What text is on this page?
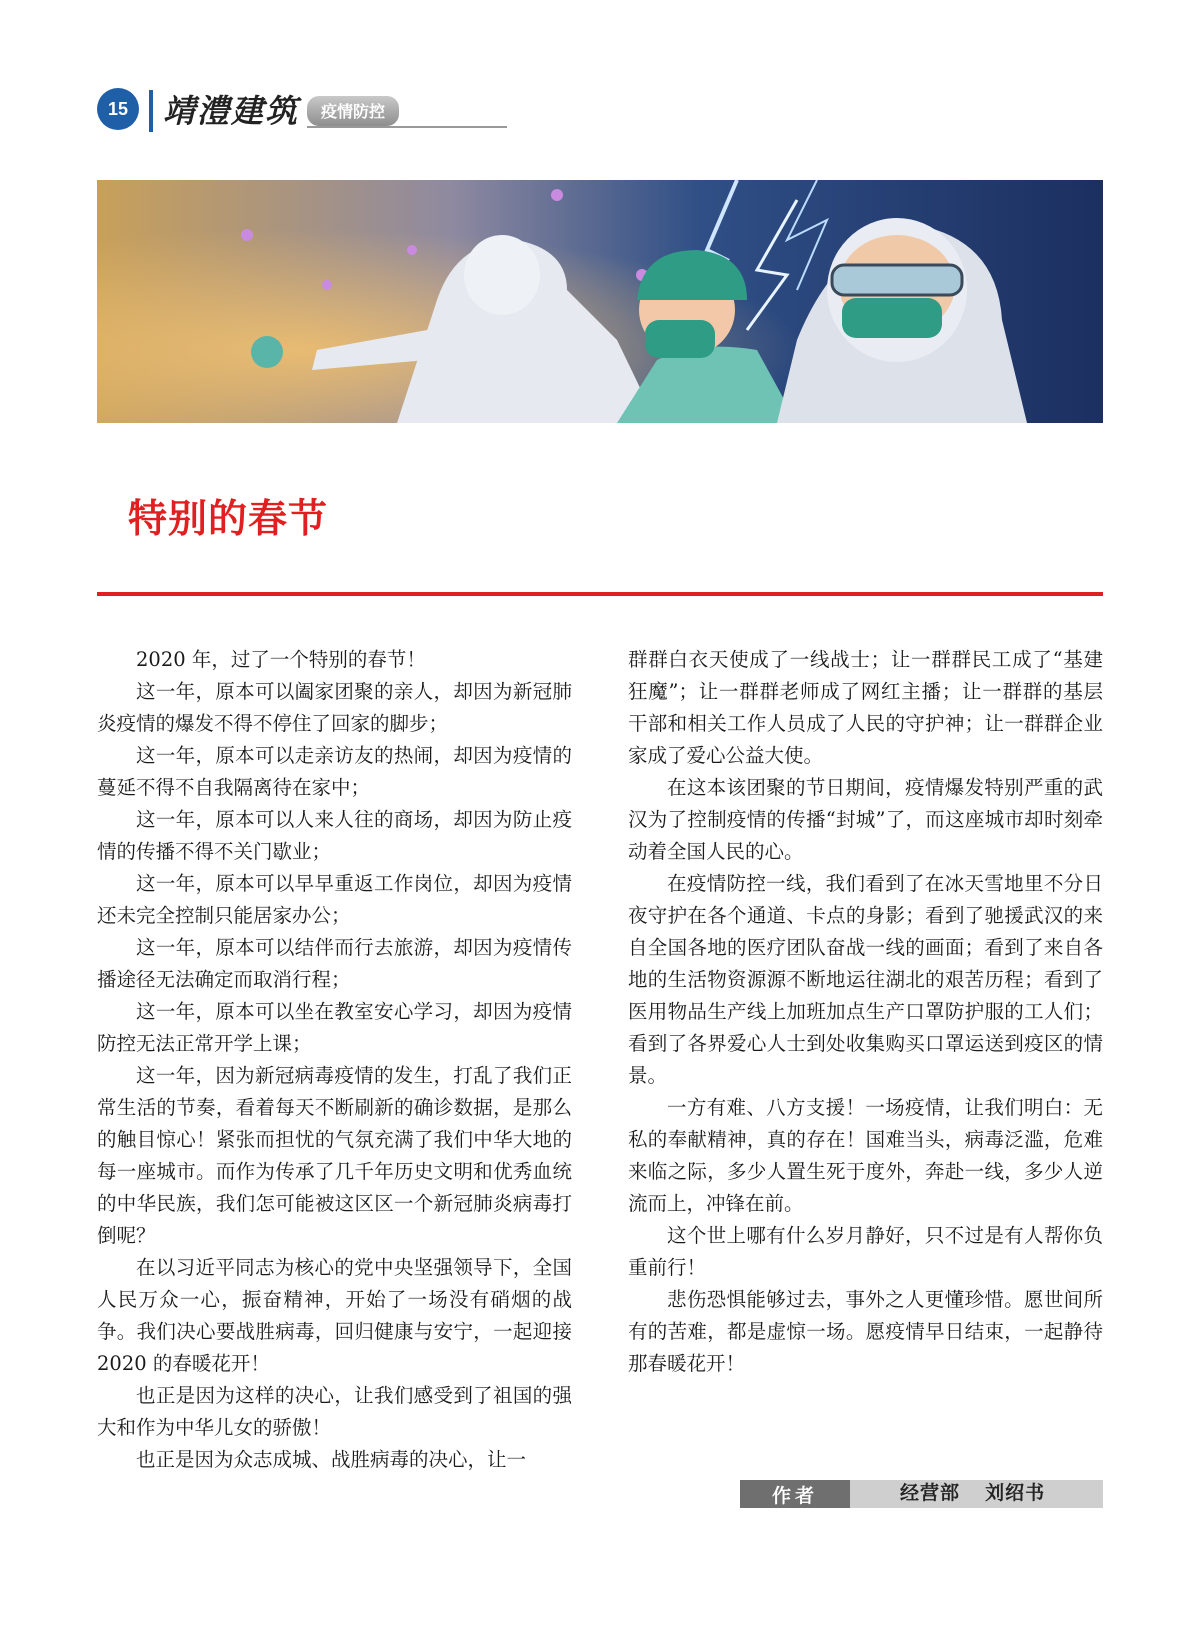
15	靖澧建筑	疫情防控
特别的春节

2020 年，过了一个特别的春节！

这一年，原本可以阖家团聚的亲人，却因为新冠肺炎疫情的爆发不得不停住了回家的脚步；

这一年，原本可以走亲访友的热闹，却因为疫情的蔓延不得不自我隔离待在家中；

这一年，原本可以人来人往的商场，却因为防止疫情的传播不得不关门歇业；

这一年，原本可以早早重返工作岗位，却因为疫情还未完全控制只能居家办公；

这一年，原本可以结伴而行去旅游，却因为疫情传播途径无法确定而取消行程；

这一年，原本可以坐在教室安心学习，却因为疫情防控无法正常开学上课；

这一年，因为新冠病毒疫情的发生，打乱了我们正常生活的节奏，看着每天不断刷新的确诊数据，是那么的触目惊心！紧张而担忧的气氛充满了我们中华大地的每一座城市。而作为传承了几千年历史文明和优秀血统的中华民族，我们怎可能被这区区一个新冠肺炎病毒打倒呢？

在以习近平同志为核心的党中央坚强领导下，全国人民万众一心，振奋精神，开始了一场没有硝烟的战争。我们决心要战胜病毒，回归健康与安宁，一起迎接 2020 的春暖花开！

也正是因为这样的决心，让我们感受到了祖国的强大和作为中华儿女的骄傲！

也正是因为众志成城、战胜病毒的决心，让一

群群白衣天使成了一线战士；让一群群民工成了“基建狂魔”；让一群群老师成了网红主播；让一群群的基层干部和相关工作人员成了人民的守护神；让一群群企业家成了爱心公益大使。

在这本该团聚的节日期间，疫情爆发特别严重的武汉为了控制疫情的传播“封城”了，而这座城市却时刻牵动着全国人民的心。

在疫情防控一线，我们看到了在冰天雪地里不分日夜守护在各个通道、卡点的身影；看到了驰援武汉的来自全国各地的医疗团队奋战一线的画面；看到了来自各地的生活物资源源不断地运往湖北的艰苦历程；看到了医用物品生产线上加班加点生产口罩防护服的工人们；看到了各界爱心人士到处收集购买口罩运送到疫区的情景。

一方有难、八方支援！一场疫情，让我们明白：无私的奉献精神，真的存在！国难当头，病毒泛滥，危难来临之际，多少人置生死于度外，奔赴一线，多少人逆流而上，冲锋在前。

这个世上哪有什么岁月静好，只不过是有人帮你负重前行！

悲伤恐惧能够过去，事外之人更懂珍惜。愿世间所有的苦难，都是虚惊一场。愿疫情早日结束，一起静待那春暖花开！

作者	经营部    刘绍书
